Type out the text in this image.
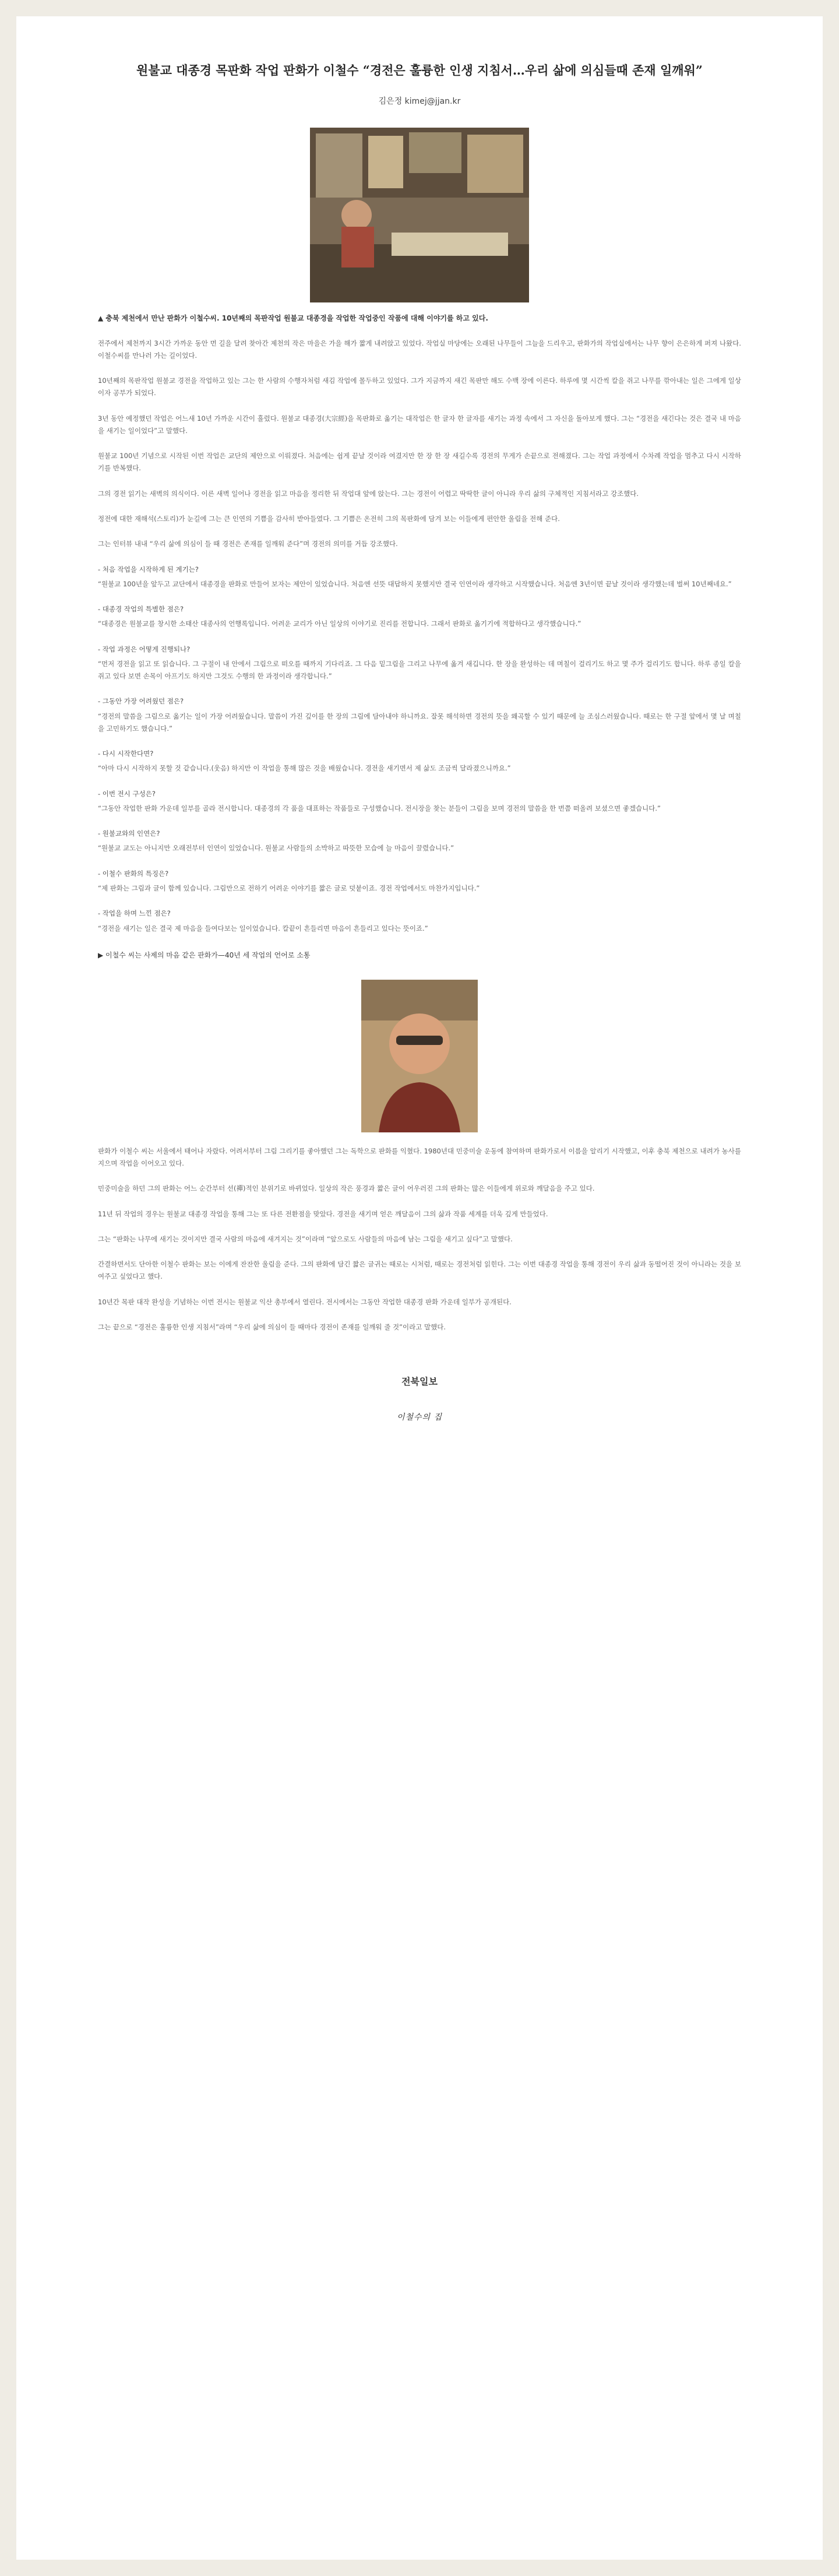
원불교 대종경 목판화 작업 판화가 이철수 “경전은 훌륭한 인생 지침서…우리 삶에 의심들때 존재 일깨워”
김은정 kimej@jjan.kr
▲ 충북 제천에서 만난 판화가 이철수씨. 10년째의 목판작업 원불교 대종경을 작업한 작업중인 작품에 대해 이야기를 하고 있다.

전주에서 제천까지 3시간 가까운 동안 먼 길을 달려 찾아간 제천의 작은 마을은 가을 해가 짧게 내려앉고 있었다. 작업실 마당에는 오래된 나무들이 그늘을 드리우고, 판화가의 작업실에서는 나무 향이 은은하게 퍼져 나왔다. 이철수씨를 만나러 가는 길이었다.

10년째의 목판작업 원불교 경전을 작업하고 있는 그는 한 사람의 수행자처럼 새김 작업에 몰두하고 있었다. 그가 지금까지 새긴 목판만 해도 수백 장에 이른다. 하루에 몇 시간씩 칼을 쥐고 나무를 깎아내는 일은 그에게 일상이자 공부가 되었다.

3년 동안 예정했던 작업은 어느새 10년 가까운 시간이 흘렀다. 원불교 대종경(大宗經)을 목판화로 옮기는 대작업은 한 글자 한 글자를 새기는 과정 속에서 그 자신을 돌아보게 했다. 그는 “경전을 새긴다는 것은 결국 내 마음을 새기는 일이었다”고 말했다.

원불교 100년 기념으로 시작된 이번 작업은 교단의 제안으로 이뤄졌다. 처음에는 쉽게 끝날 것이라 여겼지만 한 장 한 장 새길수록 경전의 무게가 손끝으로 전해졌다. 그는 작업 과정에서 수차례 작업을 멈추고 다시 시작하기를 반복했다.

그의 경전 읽기는 새벽의 의식이다. 이른 새벽 일어나 경전을 읽고 마음을 정리한 뒤 작업대 앞에 앉는다. 그는 경전이 어렵고 딱딱한 글이 아니라 우리 삶의 구체적인 지침서라고 강조했다.

정전에 대한 재해석(스토리)가 눈길에 그는 큰 인연의 기쁨을 감사히 받아들였다. 그 기쁨은 온전히 그의 목판화에 담겨 보는 이들에게 편안한 울림을 전해 준다.

그는 인터뷰 내내 “우리 삶에 의심이 들 때 경전은 존재를 일깨워 준다”며 경전의 의미를 거듭 강조했다.

- 처음 작업을 시작하게 된 계기는?

“원불교 100년을 앞두고 교단에서 대종경을 판화로 만들어 보자는 제안이 있었습니다. 처음엔 선뜻 대답하지 못했지만 결국 인연이라 생각하고 시작했습니다. 처음엔 3년이면 끝날 것이라 생각했는데 벌써 10년째네요.”

- 대종경 작업의 특별한 점은?

“대종경은 원불교를 창시한 소태산 대종사의 언행록입니다. 어려운 교리가 아닌 일상의 이야기로 진리를 전합니다. 그래서 판화로 옮기기에 적합하다고 생각했습니다.”

- 작업 과정은 어떻게 진행되나?

“먼저 경전을 읽고 또 읽습니다. 그 구절이 내 안에서 그림으로 떠오를 때까지 기다리죠. 그 다음 밑그림을 그리고 나무에 옮겨 새깁니다. 한 장을 완성하는 데 며칠이 걸리기도 하고 몇 주가 걸리기도 합니다. 하루 종일 칼을 쥐고 있다 보면 손목이 아프기도 하지만 그것도 수행의 한 과정이라 생각합니다.”

- 그동안 가장 어려웠던 점은?

“경전의 말씀을 그림으로 옮기는 일이 가장 어려웠습니다. 말씀이 가진 깊이를 한 장의 그림에 담아내야 하니까요. 잘못 해석하면 경전의 뜻을 왜곡할 수 있기 때문에 늘 조심스러웠습니다. 때로는 한 구절 앞에서 몇 날 며칠을 고민하기도 했습니다.”

- 다시 시작한다면?

“아마 다시 시작하지 못할 것 같습니다.(웃음) 하지만 이 작업을 통해 많은 것을 배웠습니다. 경전을 새기면서 제 삶도 조금씩 달라졌으니까요.”

- 이번 전시 구성은?

“그동안 작업한 판화 가운데 일부를 골라 전시합니다. 대종경의 각 품을 대표하는 작품들로 구성했습니다. 전시장을 찾는 분들이 그림을 보며 경전의 말씀을 한 번쯤 떠올려 보셨으면 좋겠습니다.”

- 원불교와의 인연은?

“원불교 교도는 아니지만 오래전부터 인연이 있었습니다. 원불교 사람들의 소박하고 따뜻한 모습에 늘 마음이 끌렸습니다.”

- 이철수 판화의 특징은?

“제 판화는 그림과 글이 함께 있습니다. 그림만으로 전하기 어려운 이야기를 짧은 글로 덧붙이죠. 경전 작업에서도 마찬가지입니다.”

- 작업을 하며 느낀 점은?

“경전을 새기는 일은 결국 제 마음을 들여다보는 일이었습니다. 칼끝이 흔들리면 마음이 흔들리고 있다는 뜻이죠.”

▶ 이철수 씨는 사제의 마음 같은 판화가—40년 세 작업의 언어로 소통

판화가 이철수 씨는 서울에서 태어나 자랐다. 어려서부터 그림 그리기를 좋아했던 그는 독학으로 판화를 익혔다. 1980년대 민중미술 운동에 참여하며 판화가로서 이름을 알리기 시작했고, 이후 충북 제천으로 내려가 농사를 지으며 작업을 이어오고 있다.

민중미술을 하던 그의 판화는 어느 순간부터 선(禪)적인 분위기로 바뀌었다. 일상의 작은 풍경과 짧은 글이 어우러진 그의 판화는 많은 이들에게 위로와 깨달음을 주고 있다.

11년 뒤 작업의 경우는 원불교 대종경 작업을 통해 그는 또 다른 전환점을 맞았다. 경전을 새기며 얻은 깨달음이 그의 삶과 작품 세계를 더욱 깊게 만들었다.

그는 “판화는 나무에 새기는 것이지만 결국 사람의 마음에 새겨지는 것”이라며 “앞으로도 사람들의 마음에 남는 그림을 새기고 싶다”고 말했다.

간결하면서도 단아한 이철수 판화는 보는 이에게 잔잔한 울림을 준다. 그의 판화에 담긴 짧은 글귀는 때로는 시처럼, 때로는 경전처럼 읽힌다. 그는 이번 대종경 작업을 통해 경전이 우리 삶과 동떨어진 것이 아니라는 것을 보여주고 싶었다고 했다.

10년간 목판 대작 완성을 기념하는 이번 전시는 원불교 익산 총부에서 열린다. 전시에서는 그동안 작업한 대종경 판화 가운데 일부가 공개된다.

그는 끝으로 “경전은 훌륭한 인생 지침서”라며 “우리 삶에 의심이 들 때마다 경전이 존재를 일깨워 줄 것”이라고 말했다.

전북일보
이철수의 집
